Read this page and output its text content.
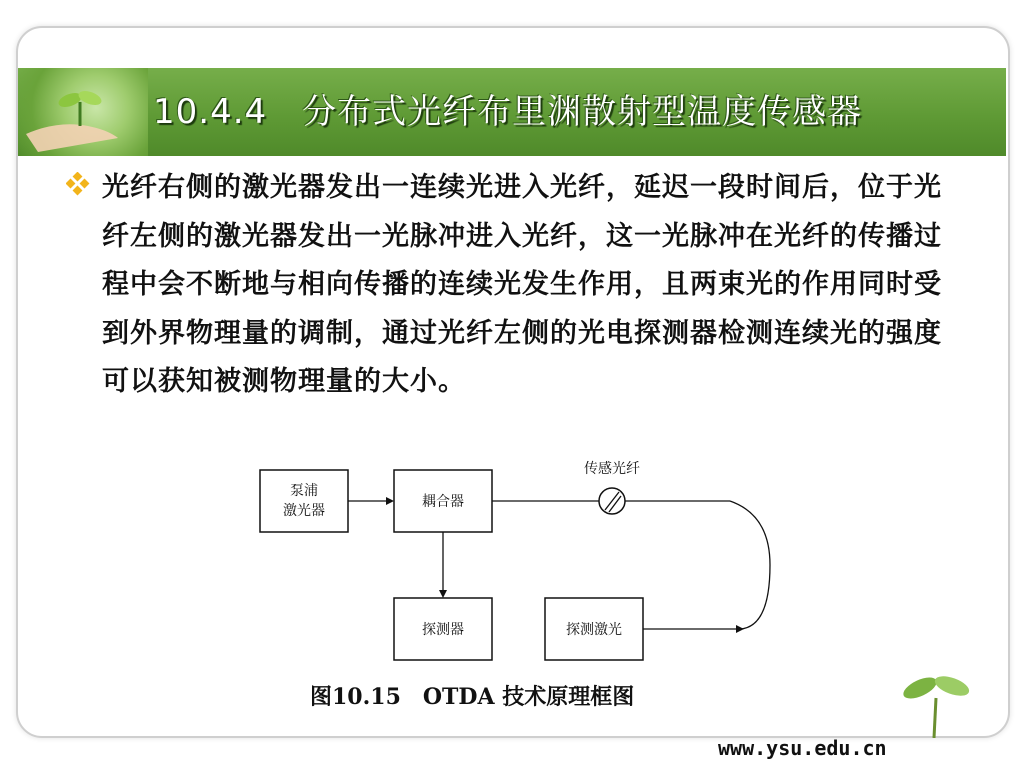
10.4.4　分布式光纤布里渊散射型温度传感器
光纤右侧的激光器发出一连续光进入光纤，延迟一段时间后，位于光纤左侧的激光器发出一光脉冲进入光纤，这一光脉冲在光纤的传播过程中会不断地与相向传播的连续光发生作用，且两束光的作用同时受到外界物理量的调制，通过光纤左侧的光电探测器检测连续光的强度可以获知被测物理量的大小。
泵浦
激光器
耦合器
探测器	探测激光
传感光纤
图10.15　OTDA 技术原理框图
www.ysu.edu.cn
